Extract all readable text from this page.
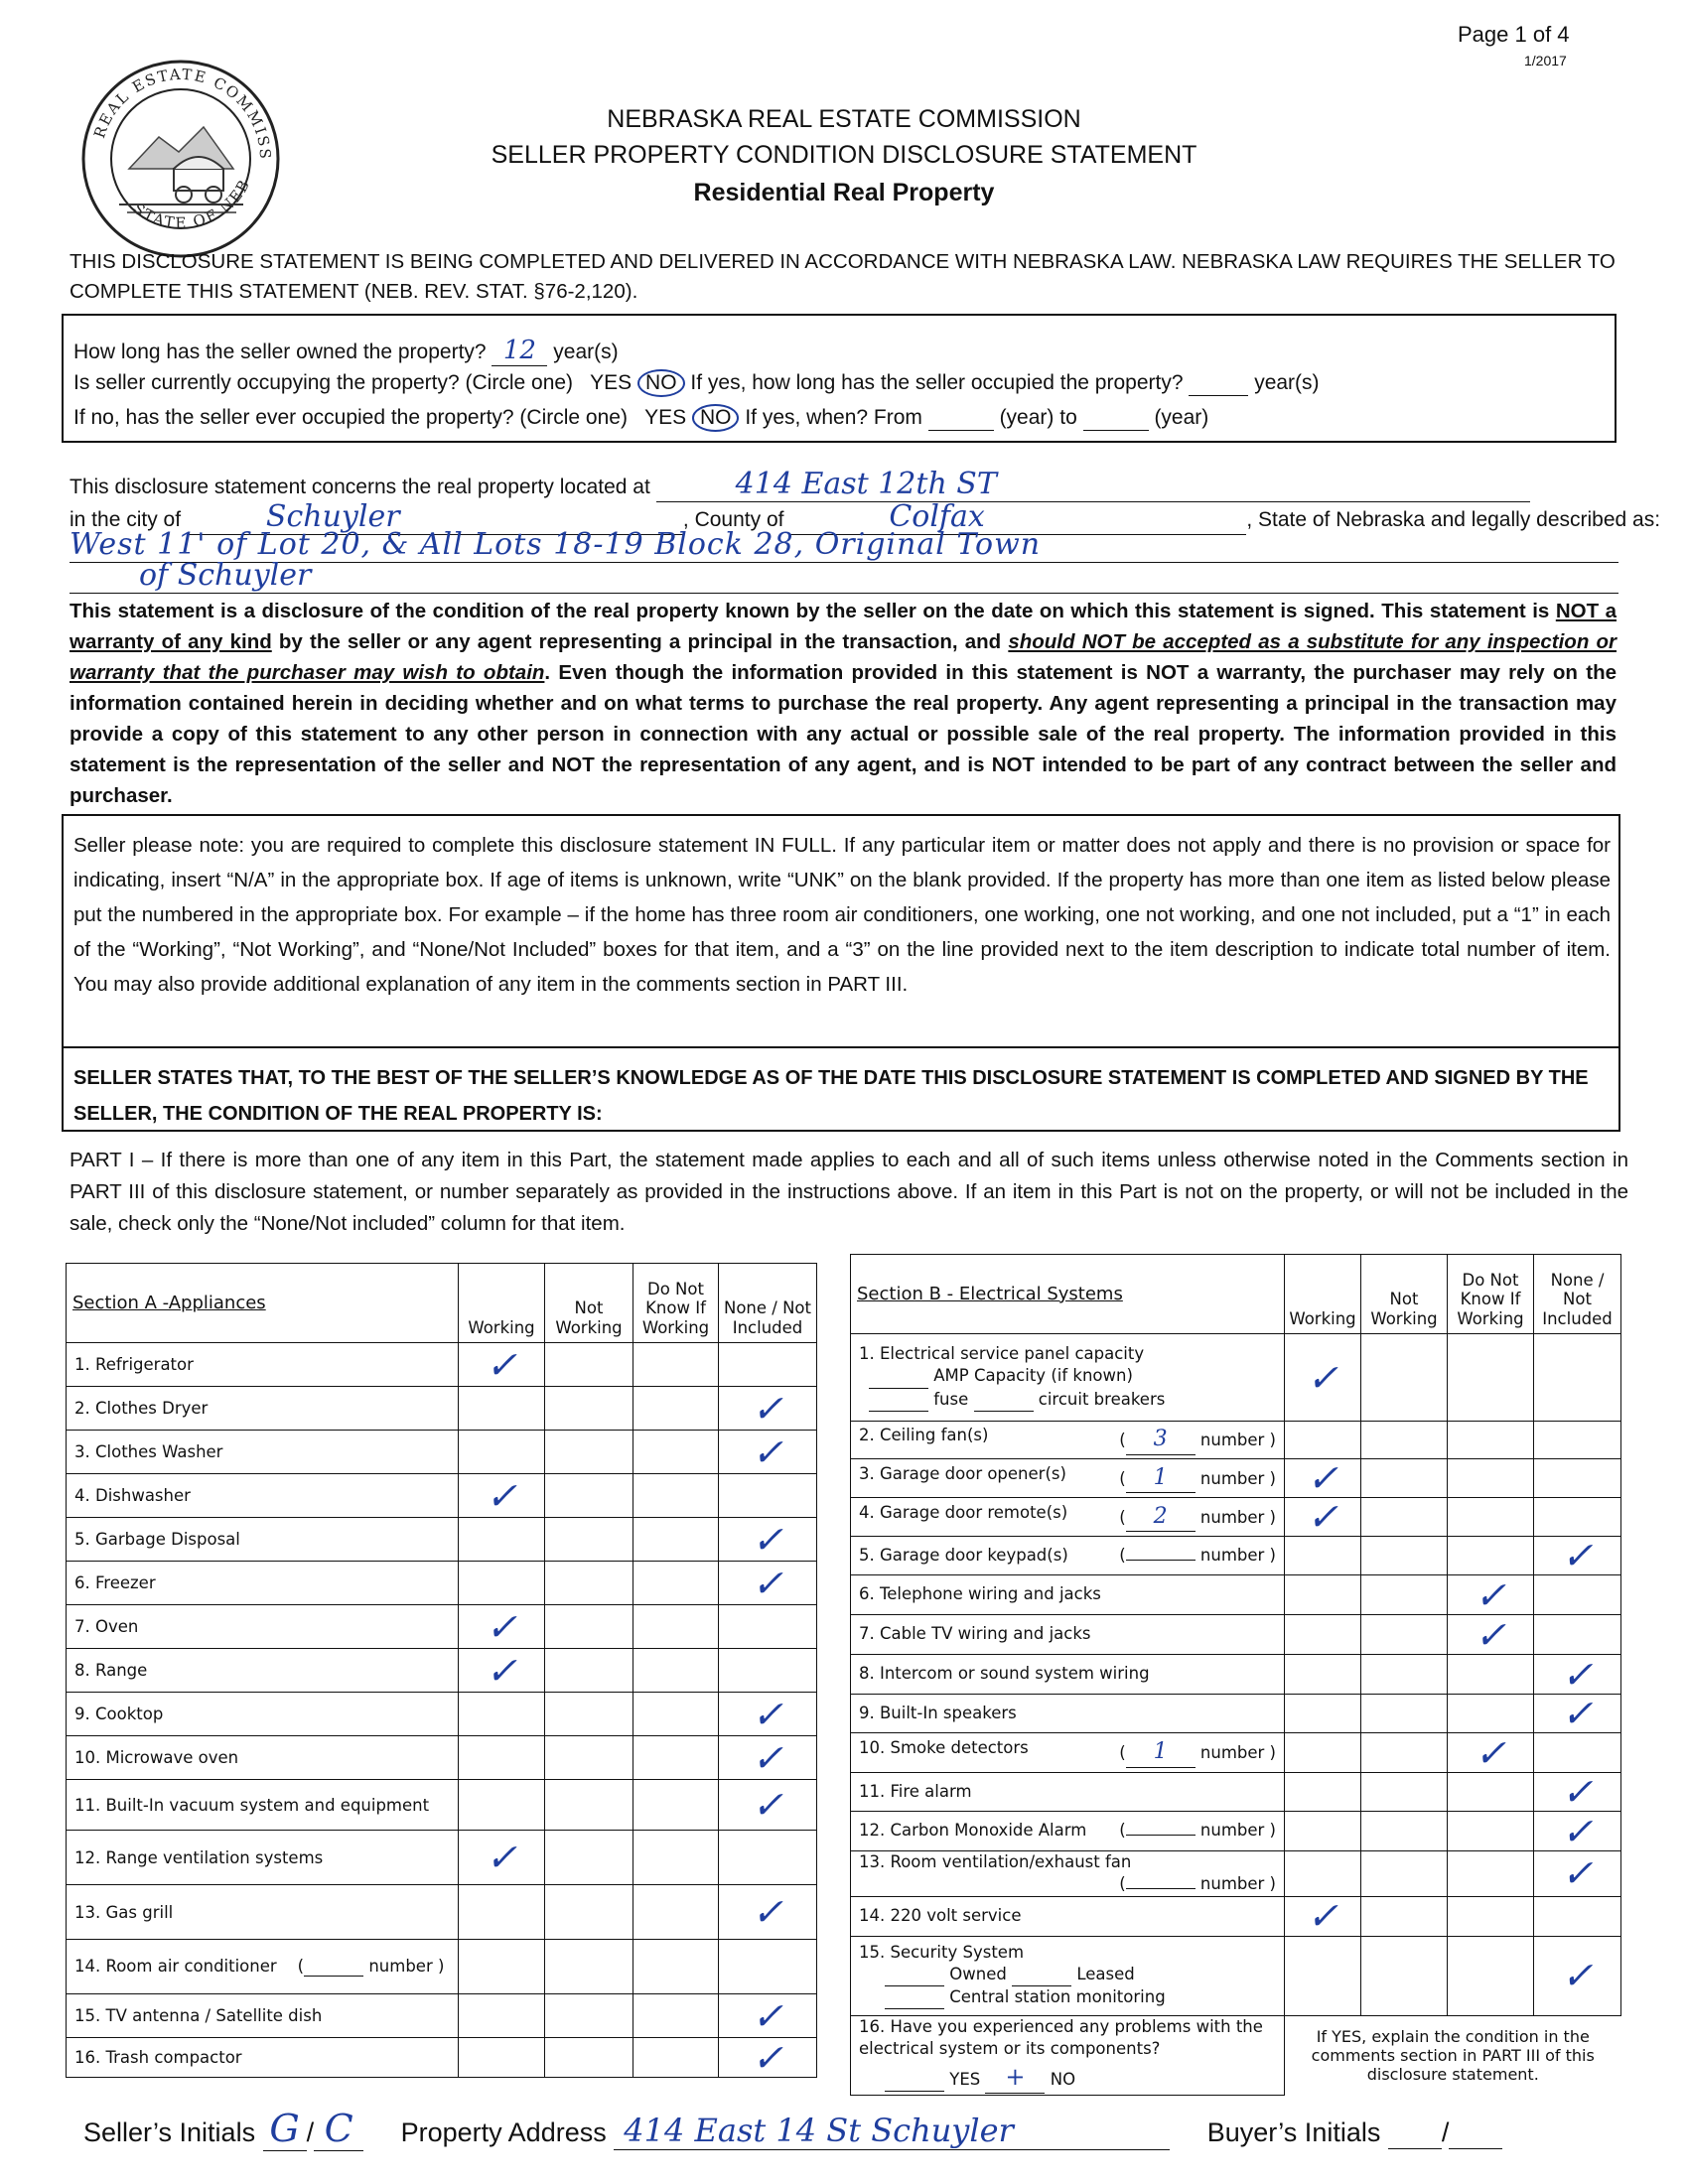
Page 1 of 4
1/2017
REAL ESTATE COMMISS
STATE OF NEB
NEBRASKA REAL ESTATE COMMISSION
SELLER PROPERTY CONDITION DISCLOSURE STATEMENT
Residential Real Property
THIS DISCLOSURE STATEMENT IS BEING COMPLETED AND DELIVERED IN ACCORDANCE WITH NEBRASKA LAW. NEBRASKA LAW REQUIRES THE SELLER TO COMPLETE THIS STATEMENT (NEB. REV. STAT. §76-2,120).
How long has the seller owned the property? 12 year(s)
Is seller currently occupying the property? (Circle one) YES NO If yes, how long has the seller occupied the property?	year(s)
If no, has the seller ever occupied the property? (Circle one) YES NO If yes, when? From	(year) to	(year)
This disclosure statement concerns the real property located at	414 East 12th ST
in the city of	Schuyler	, County of	Colfax	, State of Nebraska and legally described as:
West 11' of Lot 20, & All Lots 18-19 Block 28, Original Town
of Schuyler
This statement is a disclosure of the condition of the real property known by the seller on the date on which this statement is signed. This statement is NOT a warranty of any kind by the seller or any agent representing a principal in the transaction, and should NOT be accepted as a substitute for any inspection or warranty that the purchaser may wish to obtain. Even though the information provided in this statement is NOT a warranty, the purchaser may rely on the information contained herein in deciding whether and on what terms to purchase the real property. Any agent representing a principal in the transaction may provide a copy of this statement to any other person in connection with any actual or possible sale of the real property. The information provided in this statement is the representation of the seller and NOT the representation of any agent, and is NOT intended to be part of any contract between the seller and purchaser.
Seller please note: you are required to complete this disclosure statement IN FULL. If any particular item or matter does not apply and there is no provision or space for indicating, insert “N/A” in the appropriate box. If age of items is unknown, write “UNK” on the blank provided. If the property has more than one item as listed below please put the numbered in the appropriate box. For example – if the home has three room air conditioners, one working, one not working, and one not included, put a “1” in each of the “Working”, “Not Working”, and “None/Not Included” boxes for that item, and a “3” on the line provided next to the item description to indicate total number of item. You may also provide additional explanation of any item in the comments section in PART III.
SELLER STATES THAT, TO THE BEST OF THE SELLER’S KNOWLEDGE AS OF THE DATE THIS DISCLOSURE STATEMENT IS COMPLETED AND SIGNED BY THE SELLER, THE CONDITION OF THE REAL PROPERTY IS:
PART I – If there is more than one of any item in this Part, the statement made applies to each and all of such items unless otherwise noted in the Comments section in PART III of this disclosure statement, or number separately as provided in the instructions above. If an item in this Part is not on the property, or will not be included in the sale, check only the “None/Not included” column for that item.
Section A -Appliances	Working	Not Working	Do Not Know If Working	None / Not Included
1. Refrigerator	✓			
2. Clothes Dryer				✓
3. Clothes Washer				✓
4. Dishwasher	✓			
5. Garbage Disposal				✓
6. Freezer				✓
7. Oven	✓			
8. Range	✓			
9. Cooktop				✓
10. Microwave oven				✓
11. Built-In vacuum system and equipment				✓
12. Range ventilation systems	✓			
13. Gas grill				✓
14. Room air conditioner    ( number )				
15. TV antenna / Satellite dish				✓
16. Trash compactor				✓
Section B - Electrical Systems	Working	Not Working	Do Not Know If Working	None / Not Included
1. Electrical service panel capacity
AMP Capacity (if known)
fuse circuit breakers	✓			
2. Ceiling fan(s) ( 3 number )				

3. Garage door opener(s) ( 1 number )	✓			
4. Garage door remote(s) ( 2 number )	✓			
5. Garage door keypad(s) ( number )				✓
6. Telephone wiring and jacks			✓	
7. Cable TV wiring and jacks			✓	
8. Intercom or sound system wiring				✓
9. Built-In speakers				✓
10. Smoke detectors ( 1 number )			✓	
11. Fire alarm				✓
12. Carbon Monoxide Alarm ( number )				✓
13. Room ventilation/exhaust fan
( number )				✓
14. 220 volt service	✓			
15. Security System
Owned Leased
Central station monitoring				✓

16. Have you experienced any problems with the electrical system or its components?
YES + NO	If YES, explain the condition in the comments section in PART III of this disclosure statement.			
Seller’s Initials G / C Property Address 414 East 14 St Schuyler	Buyer’s Initials /
